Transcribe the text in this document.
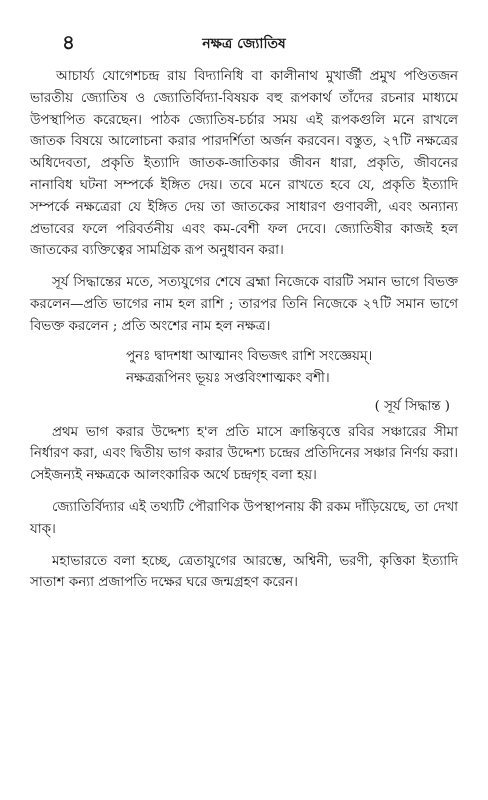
৪	নক্ষত্র জ্যোতিষ

আচার্য্য যোগেশচন্দ্র রায় বিদ্যানিধি বা কালীনাথ মুখার্জী প্রমুখ পণ্ডিতজন ভারতীয় জ্যোতিষ ও জ্যোতির্বিদ্যা-বিষয়ক বহু রূপকার্থ তাঁদের রচনার মাধ্যমে উপস্থাপিত করেছেন। পাঠক জ্যোতিষ-চর্চার সময় এই রূপকগুলি মনে রাখলে জাতক বিষয়ে আলোচনা করার পারদর্শিতা অর্জন করবেন। বস্তুত, ২৭টি নক্ষত্রের অধিদেবতা, প্রকৃতি ইত্যাদি জাতক-জাতিকার জীবন ধারা, প্রকৃতি, জীবনের নানাবিধ ঘটনা সম্পর্কে ইঙ্গিত দেয়। তবে মনে রাখতে হবে যে, প্রকৃতি ইত্যাদি সম্পর্কে নক্ষত্রেরা যে ইঙ্গিত দেয় তা জাতকের সাধারণ গুণাবলী, এবং অন্যান্য প্রভাবের ফলে পরিবর্তনীয় এবং কম-বেশী ফল দেবে। জ্যোতিষীর কাজই হল জাতকের ব্যক্তিত্বের সামগ্রিক রূপ অনুধাবন করা।

সূর্য সিদ্ধান্তের মতে, সত্যযুগের শেষে ব্রহ্মা নিজেকে বারটি সমান ভাগে বিভক্ত করলেন—প্রতি ভাগের নাম হল রাশি ; তারপর তিনি নিজেকে ২৭টি সমান ভাগে বিভক্ত করলেন ; প্রতি অংশের নাম হল নক্ষত্র।

পুনঃ দ্বাদশধা আত্মানং বিভজৎ রাশি সংজ্ঞেয়ম্।
নক্ষত্ররূপিনং ভূয়ঃ সপ্তবিংশাত্মকং বশী।
( সূর্য সিদ্ধান্ত )

প্রথম ভাগ করার উদ্দেশ্য হ'ল প্রতি মাসে ক্রান্তিবৃত্তে রবির সঞ্চারের সীমা নির্ধারণ করা, এবং দ্বিতীয় ভাগ করার উদ্দেশ্য চন্দ্রের প্রতিদিনের সঞ্চার নির্ণয় করা। সেইজন্যই নক্ষত্রকে আলংকারিক অর্থে চন্দ্রগৃহ বলা হয়।

জ্যোতির্বিদ্যার এই তথ্যটি পৌরাণিক উপস্থাপনায় কী রকম দাঁড়িয়েছে, তা দেখা যাক্।

মহাভারতে বলা হচ্ছে, ত্রেতাযুগের আরম্ভে, অশ্বিনী, ভরণী, কৃত্তিকা ইত্যাদি সাতাশ কন্যা প্রজাপতি দক্ষের ঘরে জন্মগ্রহণ করেন।
